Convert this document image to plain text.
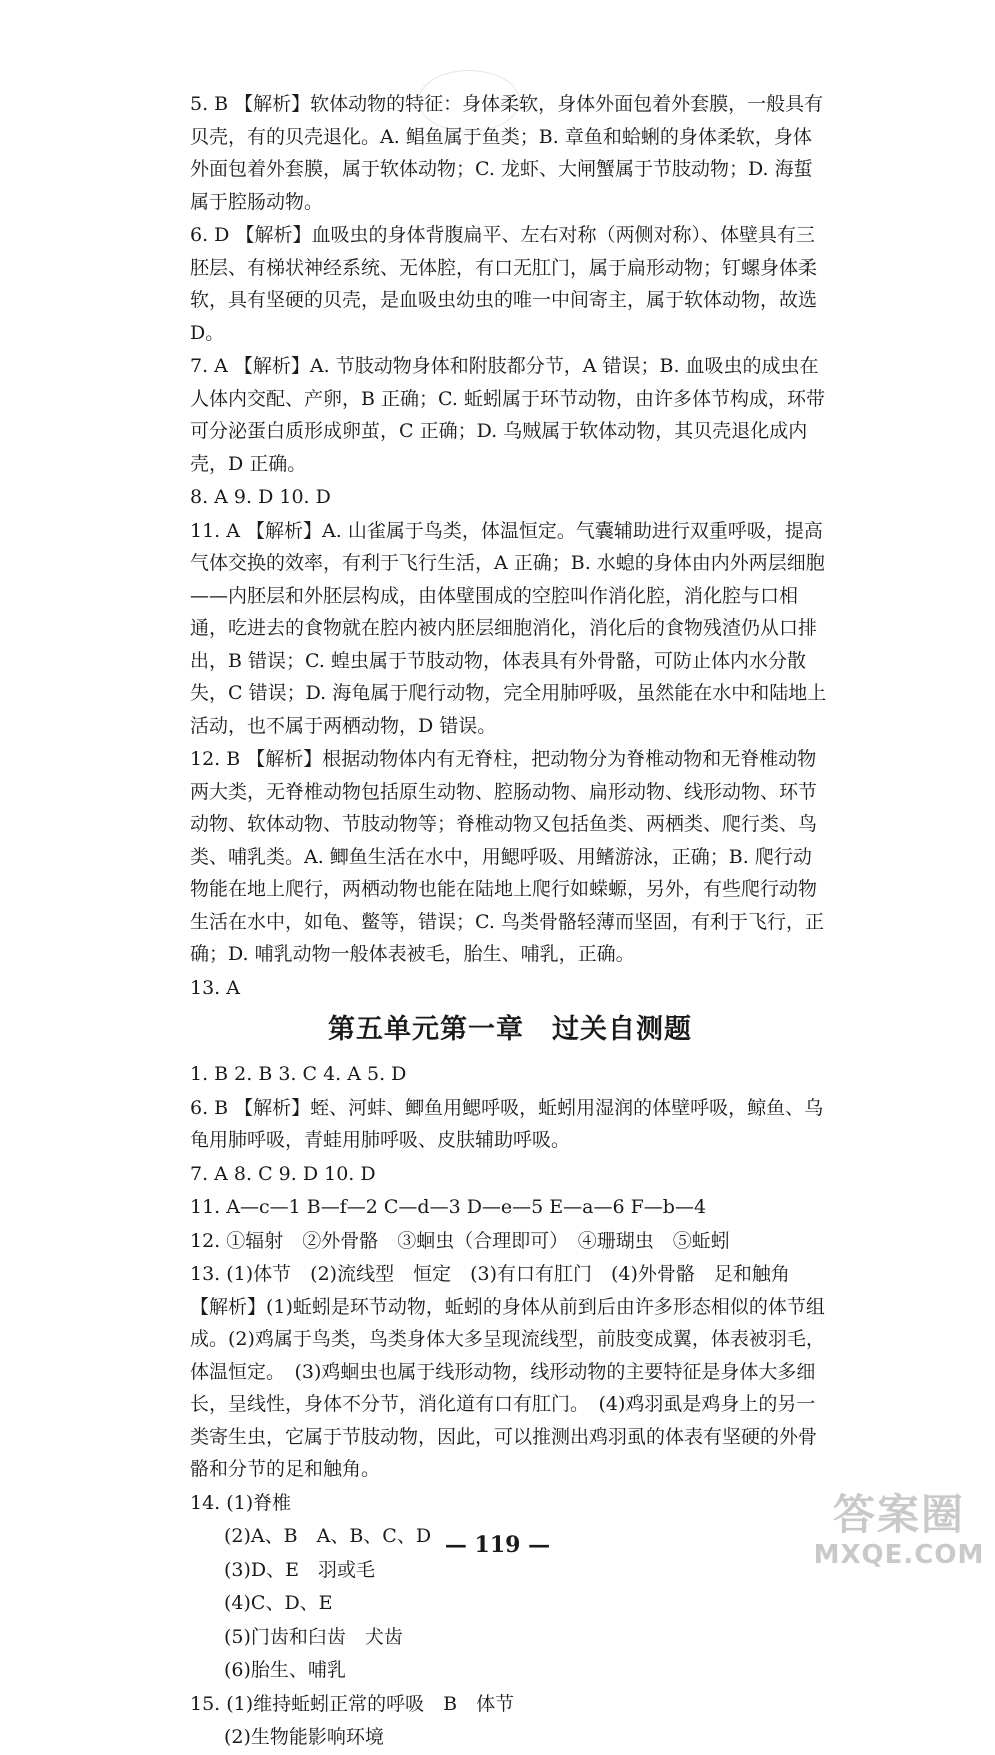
5. B 【解析】软体动物的特征：身体柔软，身体外面包着外套膜，一般具有贝壳，有的贝壳退化。A. 鲳鱼属于鱼类；B. 章鱼和蛤蜊的身体柔软，身体外面包着外套膜，属于软体动物；C. 龙虾、大闸蟹属于节肢动物；D. 海蜇属于腔肠动物。

6. D 【解析】血吸虫的身体背腹扁平、左右对称（两侧对称）、体壁具有三胚层、有梯状神经系统、无体腔，有口无肛门，属于扁形动物；钉螺身体柔软，具有坚硬的贝壳，是血吸虫幼虫的唯一中间寄主，属于软体动物，故选 D。

7. A 【解析】A. 节肢动物身体和附肢都分节，A 错误；B. 血吸虫的成虫在人体内交配、产卵，B 正确；C. 蚯蚓属于环节动物，由许多体节构成，环带可分泌蛋白质形成卵茧，C 正确；D. 乌贼属于软体动物，其贝壳退化成内壳，D 正确。

8. A 9. D 10. D

11. A 【解析】A. 山雀属于鸟类，体温恒定。气囊辅助进行双重呼吸，提高气体交换的效率，有利于飞行生活，A 正确；B. 水螅的身体由内外两层细胞——内胚层和外胚层构成，由体壁围成的空腔叫作消化腔，消化腔与口相通，吃进去的食物就在腔内被内胚层细胞消化，消化后的食物残渣仍从口排出，B 错误；C. 蝗虫属于节肢动物，体表具有外骨骼，可防止体内水分散失，C 错误；D. 海龟属于爬行动物，完全用肺呼吸，虽然能在水中和陆地上活动，也不属于两栖动物，D 错误。

12. B 【解析】根据动物体内有无脊柱，把动物分为脊椎动物和无脊椎动物两大类，无脊椎动物包括原生动物、腔肠动物、扁形动物、线形动物、环节动物、软体动物、节肢动物等；脊椎动物又包括鱼类、两栖类、爬行类、鸟类、哺乳类。A. 鲫鱼生活在水中，用鳃呼吸、用鳍游泳，正确；B. 爬行动物能在地上爬行，两栖动物也能在陆地上爬行如蝾螈，另外，有些爬行动物生活在水中，如龟、鳖等，错误；C. 鸟类骨骼轻薄而坚固，有利于飞行，正确；D. 哺乳动物一般体表被毛，胎生、哺乳，正确。

13. A

第五单元第一章　过关自测题

1. B 2. B 3. C 4. A 5. D

6. B 【解析】蛭、河蚌、鲫鱼用鳃呼吸，蚯蚓用湿润的体壁呼吸，鲸鱼、乌龟用肺呼吸，青蛙用肺呼吸、皮肤辅助呼吸。

7. A 8. C 9. D 10. D

11. A—c—1 B—f—2 C—d—3 D—e—5 E—a—6 F—b—4

12. ①辐射　②外骨骼　③蛔虫（合理即可）　④珊瑚虫　⑤蚯蚓

13. (1)体节　(2)流线型　恒定　(3)有口有肛门　(4)外骨骼　足和触角　【解析】(1)蚯蚓是环节动物，蚯蚓的身体从前到后由许多形态相似的体节组成。(2)鸡属于鸟类，鸟类身体大多呈现流线型，前肢变成翼，体表被羽毛，体温恒定。　(3)鸡蛔虫也属于线形动物，线形动物的主要特征是身体大多细长，呈线性，身体不分节，消化道有口有肛门。　(4)鸡羽虱是鸡身上的另一类寄生虫，它属于节肢动物，因此，可以推测出鸡羽虱的体表有坚硬的外骨骼和分节的足和触角。

14. (1)脊椎

(2)A、B　A、B、C、D

(3)D、E　羽或毛

(4)C、D、E

(5)门齿和臼齿　犬齿

(6)胎生、哺乳

15. (1)维持蚯蚓正常的呼吸　B　体节

(2)生物能影响环境

— 119 —
答案圈
MXQE.COM
